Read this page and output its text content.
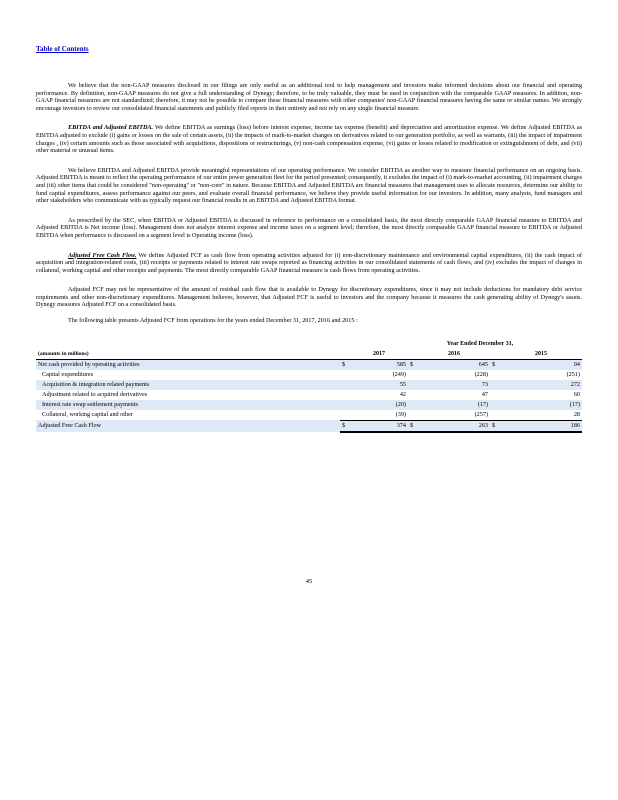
Table of Contents

We believe that the non-GAAP measures disclosed in our filings are only useful as an additional tool to help management and investors make informed decisions about our financial and operating performance. By definition, non-GAAP measures do not give a full understanding of Dynegy; therefore, to be truly valuable, they must be used in conjunction with the comparable GAAP measures. In addition, non-GAAP financial measures are not standardized; therefore, it may not be possible to compare these financial measures with other companies' non-GAAP financial measures having the same or similar names. We strongly encourage investors to review our consolidated financial statements and publicly filed reports in their entirety and not rely on any single financial measure.

EBITDA and Adjusted EBITDA. We define EBITDA as earnings (loss) before interest expense, income tax expense (benefit) and depreciation and amortization expense. We define Adjusted EBITDA as EBITDA adjusted to exclude (i) gains or losses on the sale of certain assets, (ii) the impacts of mark-to-market changes on derivatives related to our generation portfolio, as well as warrants, (iii) the impact of impairment charges , (iv) certain amounts such as those associated with acquisitions, dispositions or restructurings, (v) non-cash compensation expense, (vi) gains or losses related to modification or extinguishment of debt, and (vii) other material or unusual items.

We believe EBITDA and Adjusted EBITDA provide meaningful representations of our operating performance. We consider EBITDA as another way to measure financial performance on an ongoing basis. Adjusted EBITDA is meant to reflect the operating performance of our entire power generation fleet for the period presented; consequently, it excludes the impact of (i) mark-to-market accounting, (ii) impairment charges and (iii) other items that could be considered "non-operating" or "non-core" in nature. Because EBITDA and Adjusted EBITDA are financial measures that management uses to allocate resources, determine our ability to fund capital expenditures, assess performance against our peers, and evaluate overall financial performance, we believe they provide useful information for our investors. In addition, many analysts, fund managers and other stakeholders who communicate with us typically request our financial results in an EBITDA and Adjusted EBITDA format.

As prescribed by the SEC, when EBITDA or Adjusted EBITDA is discussed in reference to performance on a consolidated basis, the most directly comparable GAAP financial measure to EBITDA and Adjusted EBITDA is Net income (loss). Management does not analyze interest expense and income taxes on a segment level; therefore, the most directly comparable GAAP financial measure to EBITDA or Adjusted EBITDA when performance is discussed on a segment level is Operating income (loss).

Adjusted Free Cash Flow. We define Adjusted FCF as cash flow from operating activities adjusted for (i) non-discretionary maintenance and environmental capital expenditures, (ii) the cash impact of acquisition and integration-related costs, (iii) receipts or payments related to interest rate swaps reported as financing activities in our consolidated statements of cash flows, and (iv) excludes the impact of changes in collateral, working capital and other receipts and payments. The most directly comparable GAAP financial measure is cash flows from operating activities.

Adjusted FCF may not be representative of the amount of residual cash flow that is available to Dynegy for discretionary expenditures, since it may not include deductions for mandatory debt service requirements and other non-discretionary expenditures. Management believes, however, that Adjusted FCF is useful to investors and the company because it measures the cash generating ability of Dynegy's assets. Dynegy measures Adjusted FCF on a consolidated basis.

The following table presents Adjusted FCF from operations for the years ended December 31, 2017, 2016 and 2015 :

	Year Ended December 31,					
(amounts in millions)		2017		2016		2015
Net cash provided by operating activities	$	585	$	645	$	94
Capital expenditures		(249)		(228)		(251)
Acquisition & integration related payments		55		73		272
Adjustment related to acquired derivatives		42		47		60
Interest rate swap settlement payments		(20)		(17)		(17)
Collateral, working capital and other		(39)		(257)		28
Adjusted Free Cash Flow	$	374	$	263	$	186
45
